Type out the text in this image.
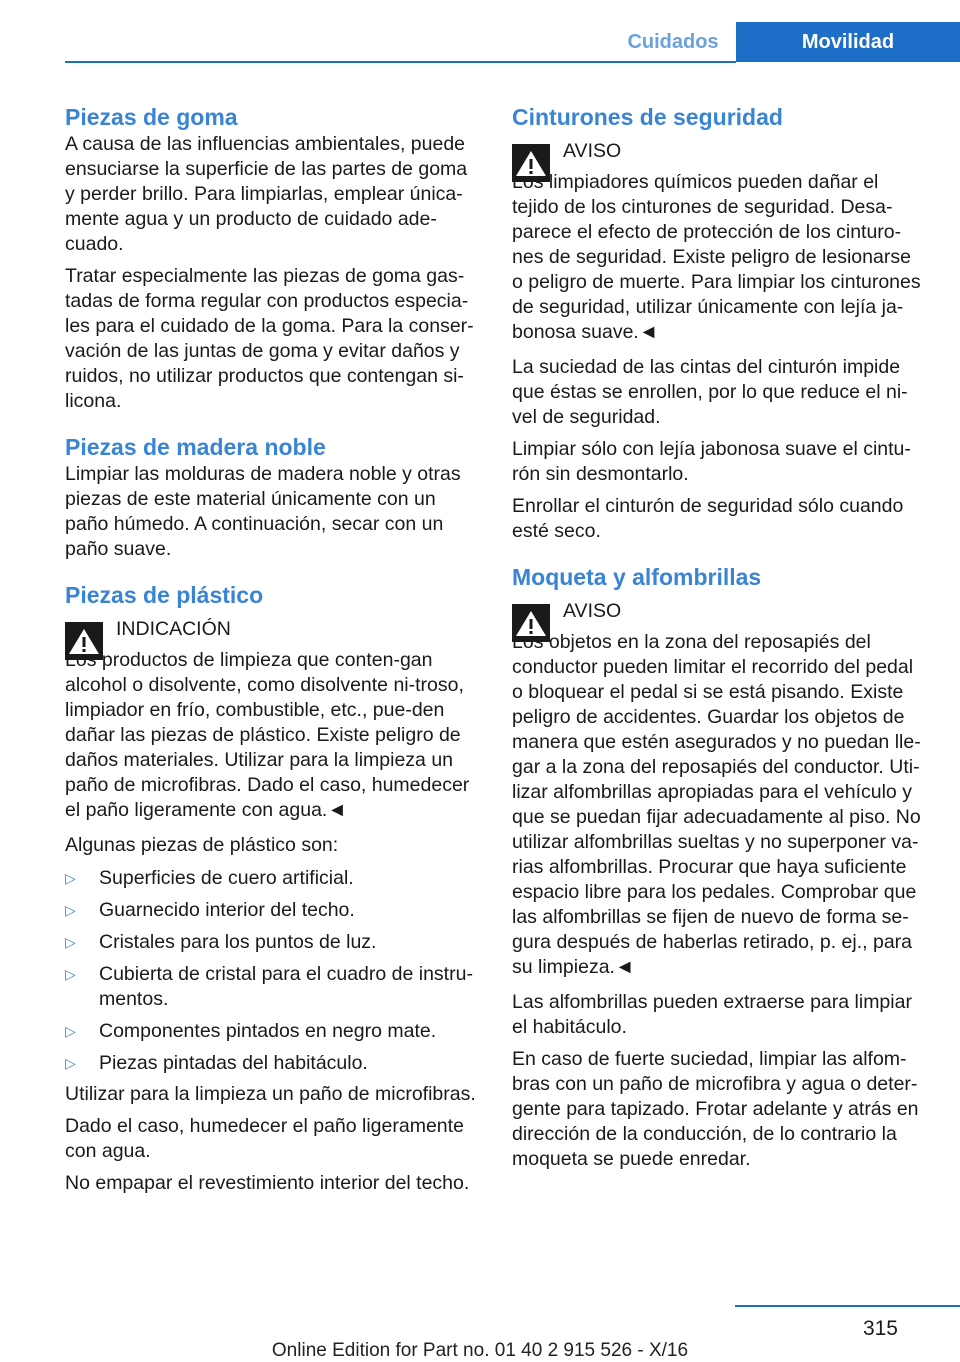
Cuidados	Movilidad
Piezas de goma

A causa de las influencias ambientales, puede ensuciarse la superficie de las partes de goma y perder brillo. Para limpiarlas, emplear única-mente agua y un producto de cuidado ade-cuado.

Tratar especialmente las piezas de goma gas-tadas de forma regular con productos especia-les para el cuidado de la goma. Para la conser-vación de las juntas de goma y evitar daños y ruidos, no utilizar productos que contengan si-licona.

Piezas de madera noble

Limpiar las molduras de madera noble y otras piezas de este material únicamente con un paño húmedo. A continuación, secar con un paño suave.

Piezas de plástico
INDICACIÓN
Los productos de limpieza que conten-gan alcohol o disolvente, como disolvente ni-troso, limpiador en frío, combustible, etc., pue-den dañar las piezas de plástico. Existe peligro de daños materiales. Utilizar para la limpieza un paño de microfibras. Dado el caso, humedecer el paño ligeramente con agua.◄

Algunas piezas de plástico son:

▷ Superficies de cuero artificial.
▷ Guarnecido interior del techo.
▷ Cristales para los puntos de luz.
▷ Cubierta de cristal para el cuadro de instru-mentos.
▷ Componentes pintados en negro mate.
▷ Piezas pintadas del habitáculo.

Utilizar para la limpieza un paño de microfibras.

Dado el caso, humedecer el paño ligeramente con agua.

No empapar el revestimiento interior del techo.

Cinturones de seguridad
AVISO
Los limpiadores químicos pueden dañar el tejido de los cinturones de seguridad. Desa-parece el efecto de protección de los cinturo-nes de seguridad. Existe peligro de lesionarse o peligro de muerte. Para limpiar los cinturones de seguridad, utilizar únicamente con lejía ja-bonosa suave.◄

La suciedad de las cintas del cinturón impide que éstas se enrollen, por lo que reduce el ni-vel de seguridad.

Limpiar sólo con lejía jabonosa suave el cintu-rón sin desmontarlo.

Enrollar el cinturón de seguridad sólo cuando esté seco.

Moqueta y alfombrillas
AVISO
Los objetos en la zona del reposapiés del conductor pueden limitar el recorrido del pedal o bloquear el pedal si se está pisando. Existe peligro de accidentes. Guardar los objetos de manera que estén asegurados y no puedan lle-gar a la zona del reposapiés del conductor. Uti-lizar alfombrillas apropiadas para el vehículo y que se puedan fijar adecuadamente al piso. No utilizar alfombrillas sueltas y no superponer va-rias alfombrillas. Procurar que haya suficiente espacio libre para los pedales. Comprobar que las alfombrillas se fijen de nuevo de forma se-gura después de haberlas retirado, p. ej., para su limpieza.◄

Las alfombrillas pueden extraerse para limpiar el habitáculo.

En caso de fuerte suciedad, limpiar las alfom-bras con un paño de microfibra y agua o deter-gente para tapizado. Frotar adelante y atrás en dirección de la conducción, de lo contrario la moqueta se puede enredar.

315
Online Edition for Part no. 01 40 2 915 526 - X/16
